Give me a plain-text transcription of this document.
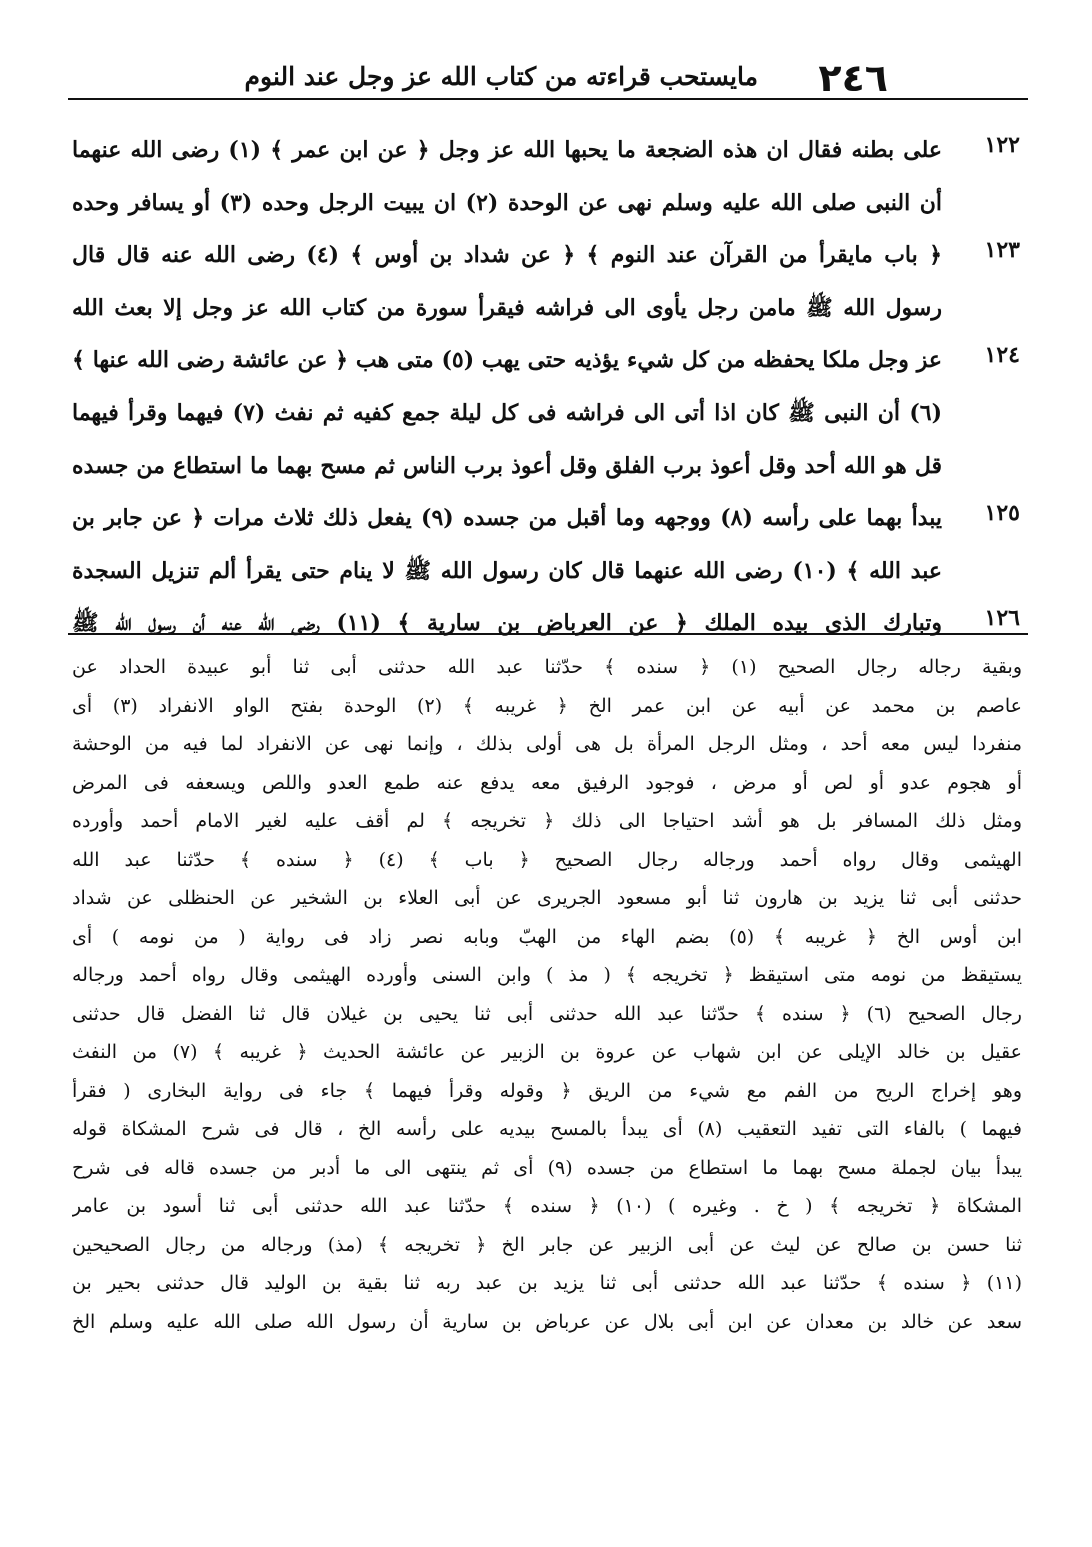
٢٤٦
مايستحب قراءته من كتاب الله عز وجل عند النوم
١٢٢
١٢٣
١٢٤
١٢٥
١٢٦
على بطنه فقال ان هذه الضجعة ما يحبها الله عز وجل ﴿ عن ابن عمر ﴾ (١) رضى الله عنهما
أن النبى صلى الله عليه وسلم نهى عن الوحدة (٢) ان يبيت الرجل وحده (٣) أو يسافر وحده
﴿ باب مايقرأ من القرآن عند النوم ﴾ ﴿ عن شداد بن أوس ﴾ (٤) رضى الله عنه قال قال
رسول الله ﷺ مامن رجل يأوى الى فراشه فيقرأ سورة من كتاب الله عز وجل إلا بعث الله
عز وجل ملكا يحفظه من كل شيء يؤذيه حتى يهب (٥) متى هب ﴿ عن عائشة رضى الله عنها ﴾
(٦) أن النبى ﷺ كان اذا أتى الى فراشه فى كل ليلة جمع كفيه ثم نفث (٧) فيهما وقرأ فيهما
قل هو الله أحد وقل أعوذ برب الفلق وقل أعوذ برب الناس ثم مسح بهما ما استطاع من جسده
يبدأ بهما على رأسه (٨) ووجهه وما أقبل من جسده (٩) يفعل ذلك ثلاث مرات ﴿ عن جابر بن
عبد الله ﴾ (١٠) رضى الله عنهما قال كان رسول الله ﷺ لا ينام حتى يقرأ ألم تنزيل السجدة
وتبارك الذى بيده الملك ﴿ عن العرباض بن سارية ﴾ (١١) رضى الله عنه أن رسول الله ﷺ
وبقية رجاله رجال الصحيح (١) ﴿ سنده ﴾ حدّثنا عبد الله حدثنى أبى ثنا أبو عبيدة الحداد عن
عاصم بن محمد عن أبيه عن ابن عمر الخ ﴿ غريبه ﴾ (٢) الوحدة بفتح الواو الانفراد (٣) أى
منفردا ليس معه أحد ، ومثل الرجل المرأة بل هى أولى بذلك ، وإنما نهى عن الانفراد لما فيه من الوحشة
أو هجوم عدو أو لص أو مرض ، فوجود الرفيق معه يدفع عنه طمع العدو واللص ويسعفه فى المرض
ومثل ذلك المسافر بل هو أشد احتياجا الى ذلك ﴿ تخريجه ﴾ لم أقف عليه لغير الامام أحمد وأورده
الهيثمى وقال رواه أحمد ورجاله رجال الصحيح ﴿ باب ﴾ (٤) ﴿ سنده ﴾ حدّثنا عبد الله
حدثنى أبى ثنا يزيد بن هارون ثنا أبو مسعود الجريرى عن أبى العلاء بن الشخير عن الحنظلى عن شداد
ابن أوس الخ ﴿ غريبه ﴾ (٥) بضم الهاء من الهبّ وبابه نصر زاد فى رواية ( من نومه ) أى
يستيقظ من نومه متى استيقظ ﴿ تخريجه ﴾ ( مذ ) وابن السنى وأورده الهيثمى وقال رواه أحمد ورجاله
رجال الصحيح (٦) ﴿ سنده ﴾ حدّثنا عبد الله حدثنى أبى ثنا يحيى بن غيلان قال ثنا الفضل قال حدثنى
عقيل بن خالد الإيلى عن ابن شهاب عن عروة بن الزبير عن عائشة الحديث ﴿ غريبه ﴾ (٧) من النفث
وهو إخراج الريح من الفم مع شيء من الريق ﴿ وقوله وقرأ فيهما ﴾ جاء فى رواية البخارى ( فقرأ
فيهما ) بالفاء التى تفيد التعقيب (٨) أى يبدأ بالمسح بيديه على رأسه الخ ، قال فى شرح المشكاة قوله
يبدأ بيان لجملة مسح بهما ما استطاع من جسده (٩) أى ثم ينتهى الى ما أدبر من جسده قاله فى شرح
المشكاة ﴿ تخريجه ﴾ ( خ . وغيره ) (١٠) ﴿ سنده ﴾ حدّثنا عبد الله حدثنى أبى ثنا أسود بن عامر
ثنا حسن بن صالح عن ليث عن أبى الزبير عن جابر الخ ﴿ تخريجه ﴾ (مذ) ورجاله من رجال الصحيحين
(١١) ﴿ سنده ﴾ حدّثنا عبد الله حدثنى أبى ثنا يزيد بن عبد ربه ثنا بقية بن الوليد قال حدثنى بحير بن
سعد عن خالد بن معدان عن ابن أبى بلال عن عرباض بن سارية أن رسول الله صلى الله عليه وسلم الخ
